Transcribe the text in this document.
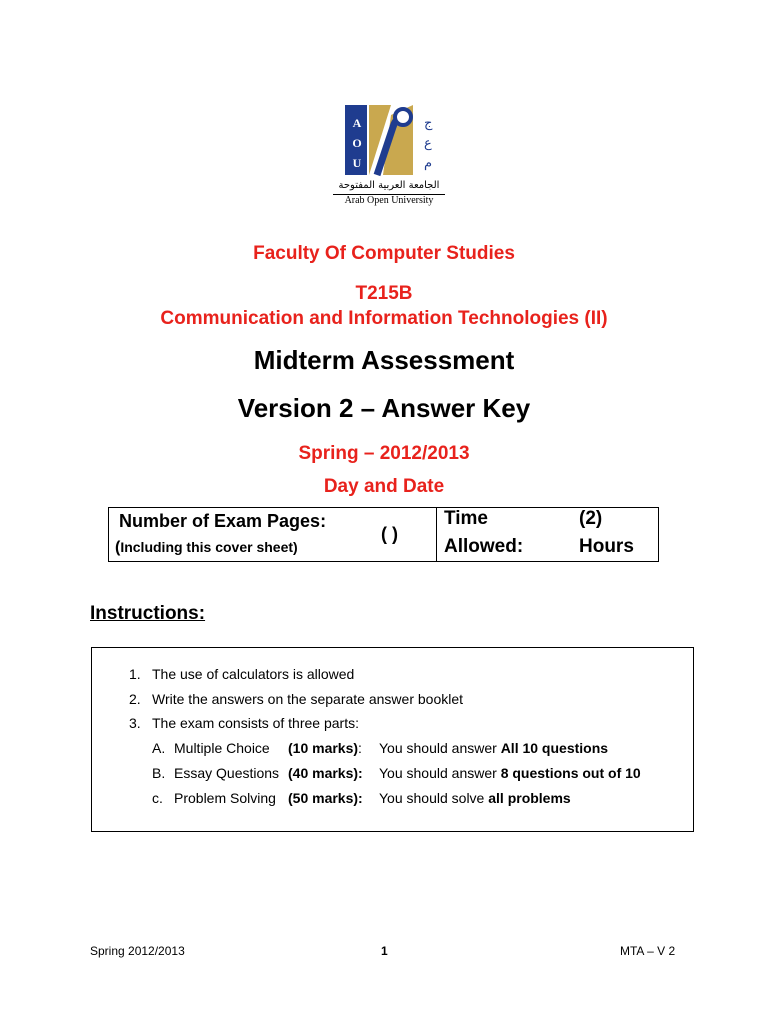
ج
ع
م
A
O
U
الجامعة العربية المفتوحة
Arab Open University
Faculty Of Computer Studies
T215B
Communication and Information Technologies (II)
Midterm Assessment
Version 2 – Answer Key
Spring – 2012/2013
Day and Date
Number of Exam Pages:
(Including this cover sheet)
( )
Time
Allowed:
(2)
Hours
Instructions:
1. The use of calculators is allowed
2. Write the answers on the separate answer booklet
3. The exam consists of three parts:
A. Multiple Choice (10 marks): You should answer All 10 questions
B. Essay Questions (40 marks): You should answer 8 questions out of 10
c. Problem Solving (50 marks): You should solve all problems
Spring 2012/2013	1	MTA – V 2
